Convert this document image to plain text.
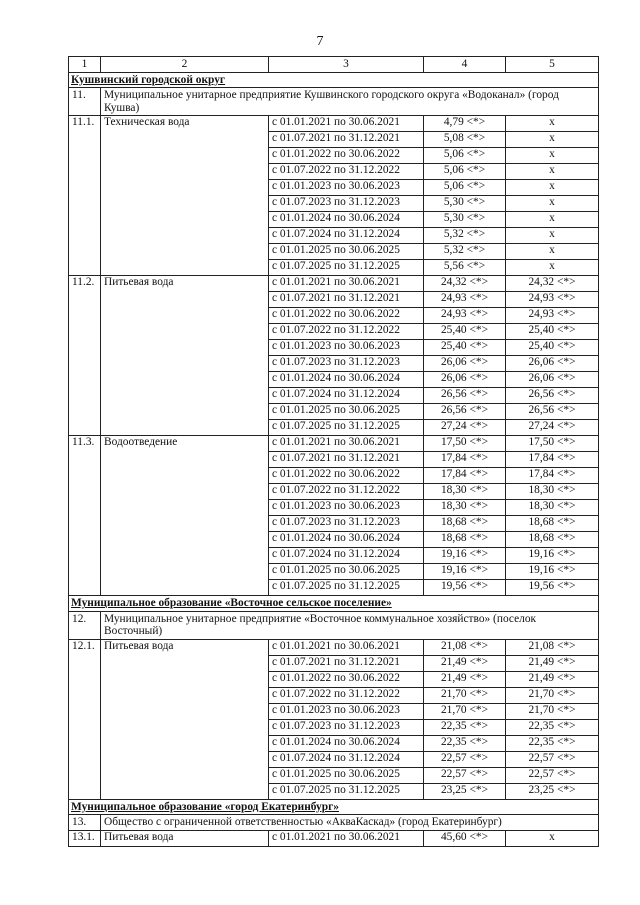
7
1	2	3	4	5
Кушвинский городской округ				
11.	Муниципальное унитарное предприятие Кушвинского городского округа «Водоканал» (город Кушва)			
11.1.	Техническая вода	с 01.01.2021 по 30.06.2021	4,79 <*>	x
		с 01.07.2021 по 31.12.2021	5,08 <*>	x
		с 01.01.2022 по 30.06.2022	5,06 <*>	x
		с 01.07.2022 по 31.12.2022	5,06 <*>	x
		с 01.01.2023 по 30.06.2023	5,06 <*>	x
		с 01.07.2023 по 31.12.2023	5,30 <*>	x
		с 01.01.2024 по 30.06.2024	5,30 <*>	x
		с 01.07.2024 по 31.12.2024	5,32 <*>	x
		с 01.01.2025 по 30.06.2025	5,32 <*>	x
		с 01.07.2025 по 31.12.2025	5,56 <*>	x
11.2.	Питьевая вода	с 01.01.2021 по 30.06.2021	24,32 <*>	24,32 <*>
		с 01.07.2021 по 31.12.2021	24,93 <*>	24,93 <*>
		с 01.01.2022 по 30.06.2022	24,93 <*>	24,93 <*>
		с 01.07.2022 по 31.12.2022	25,40 <*>	25,40 <*>
		с 01.01.2023 по 30.06.2023	25,40 <*>	25,40 <*>
		с 01.07.2023 по 31.12.2023	26,06 <*>	26,06 <*>
		с 01.01.2024 по 30.06.2024	26,06 <*>	26,06 <*>
		с 01.07.2024 по 31.12.2024	26,56 <*>	26,56 <*>
		с 01.01.2025 по 30.06.2025	26,56 <*>	26,56 <*>
		с 01.07.2025 по 31.12.2025	27,24 <*>	27,24 <*>
11.3.	Водоотведение	с 01.01.2021 по 30.06.2021	17,50 <*>	17,50 <*>
		с 01.07.2021 по 31.12.2021	17,84 <*>	17,84 <*>
		с 01.01.2022 по 30.06.2022	17,84 <*>	17,84 <*>
		с 01.07.2022 по 31.12.2022	18,30 <*>	18,30 <*>
		с 01.01.2023 по 30.06.2023	18,30 <*>	18,30 <*>
		с 01.07.2023 по 31.12.2023	18,68 <*>	18,68 <*>
		с 01.01.2024 по 30.06.2024	18,68 <*>	18,68 <*>
		с 01.07.2024 по 31.12.2024	19,16 <*>	19,16 <*>
		с 01.01.2025 по 30.06.2025	19,16 <*>	19,16 <*>
		с 01.07.2025 по 31.12.2025	19,56 <*>	19,56 <*>
Муниципальное образование «Восточное сельское поселение»				
12.	Муниципальное унитарное предприятие «Восточное коммунальное хозяйство» (поселок Восточный)			
12.1.	Питьевая вода	с 01.01.2021 по 30.06.2021	21,08 <*>	21,08 <*>
		с 01.07.2021 по 31.12.2021	21,49 <*>	21,49 <*>
		с 01.01.2022 по 30.06.2022	21,49 <*>	21,49 <*>
		с 01.07.2022 по 31.12.2022	21,70 <*>	21,70 <*>
		с 01.01.2023 по 30.06.2023	21,70 <*>	21,70 <*>
		с 01.07.2023 по 31.12.2023	22,35 <*>	22,35 <*>
		с 01.01.2024 по 30.06.2024	22,35 <*>	22,35 <*>
		с 01.07.2024 по 31.12.2024	22,57 <*>	22,57 <*>
		с 01.01.2025 по 30.06.2025	22,57 <*>	22,57 <*>
		с 01.07.2025 по 31.12.2025	23,25 <*>	23,25 <*>
Муниципальное образование «город Екатеринбург»				
13.	Общество с ограниченной ответственностью «АкваКаскад» (город Екатеринбург)			
13.1.	Питьевая вода	с 01.01.2021 по 30.06.2021	45,60 <*>	x
